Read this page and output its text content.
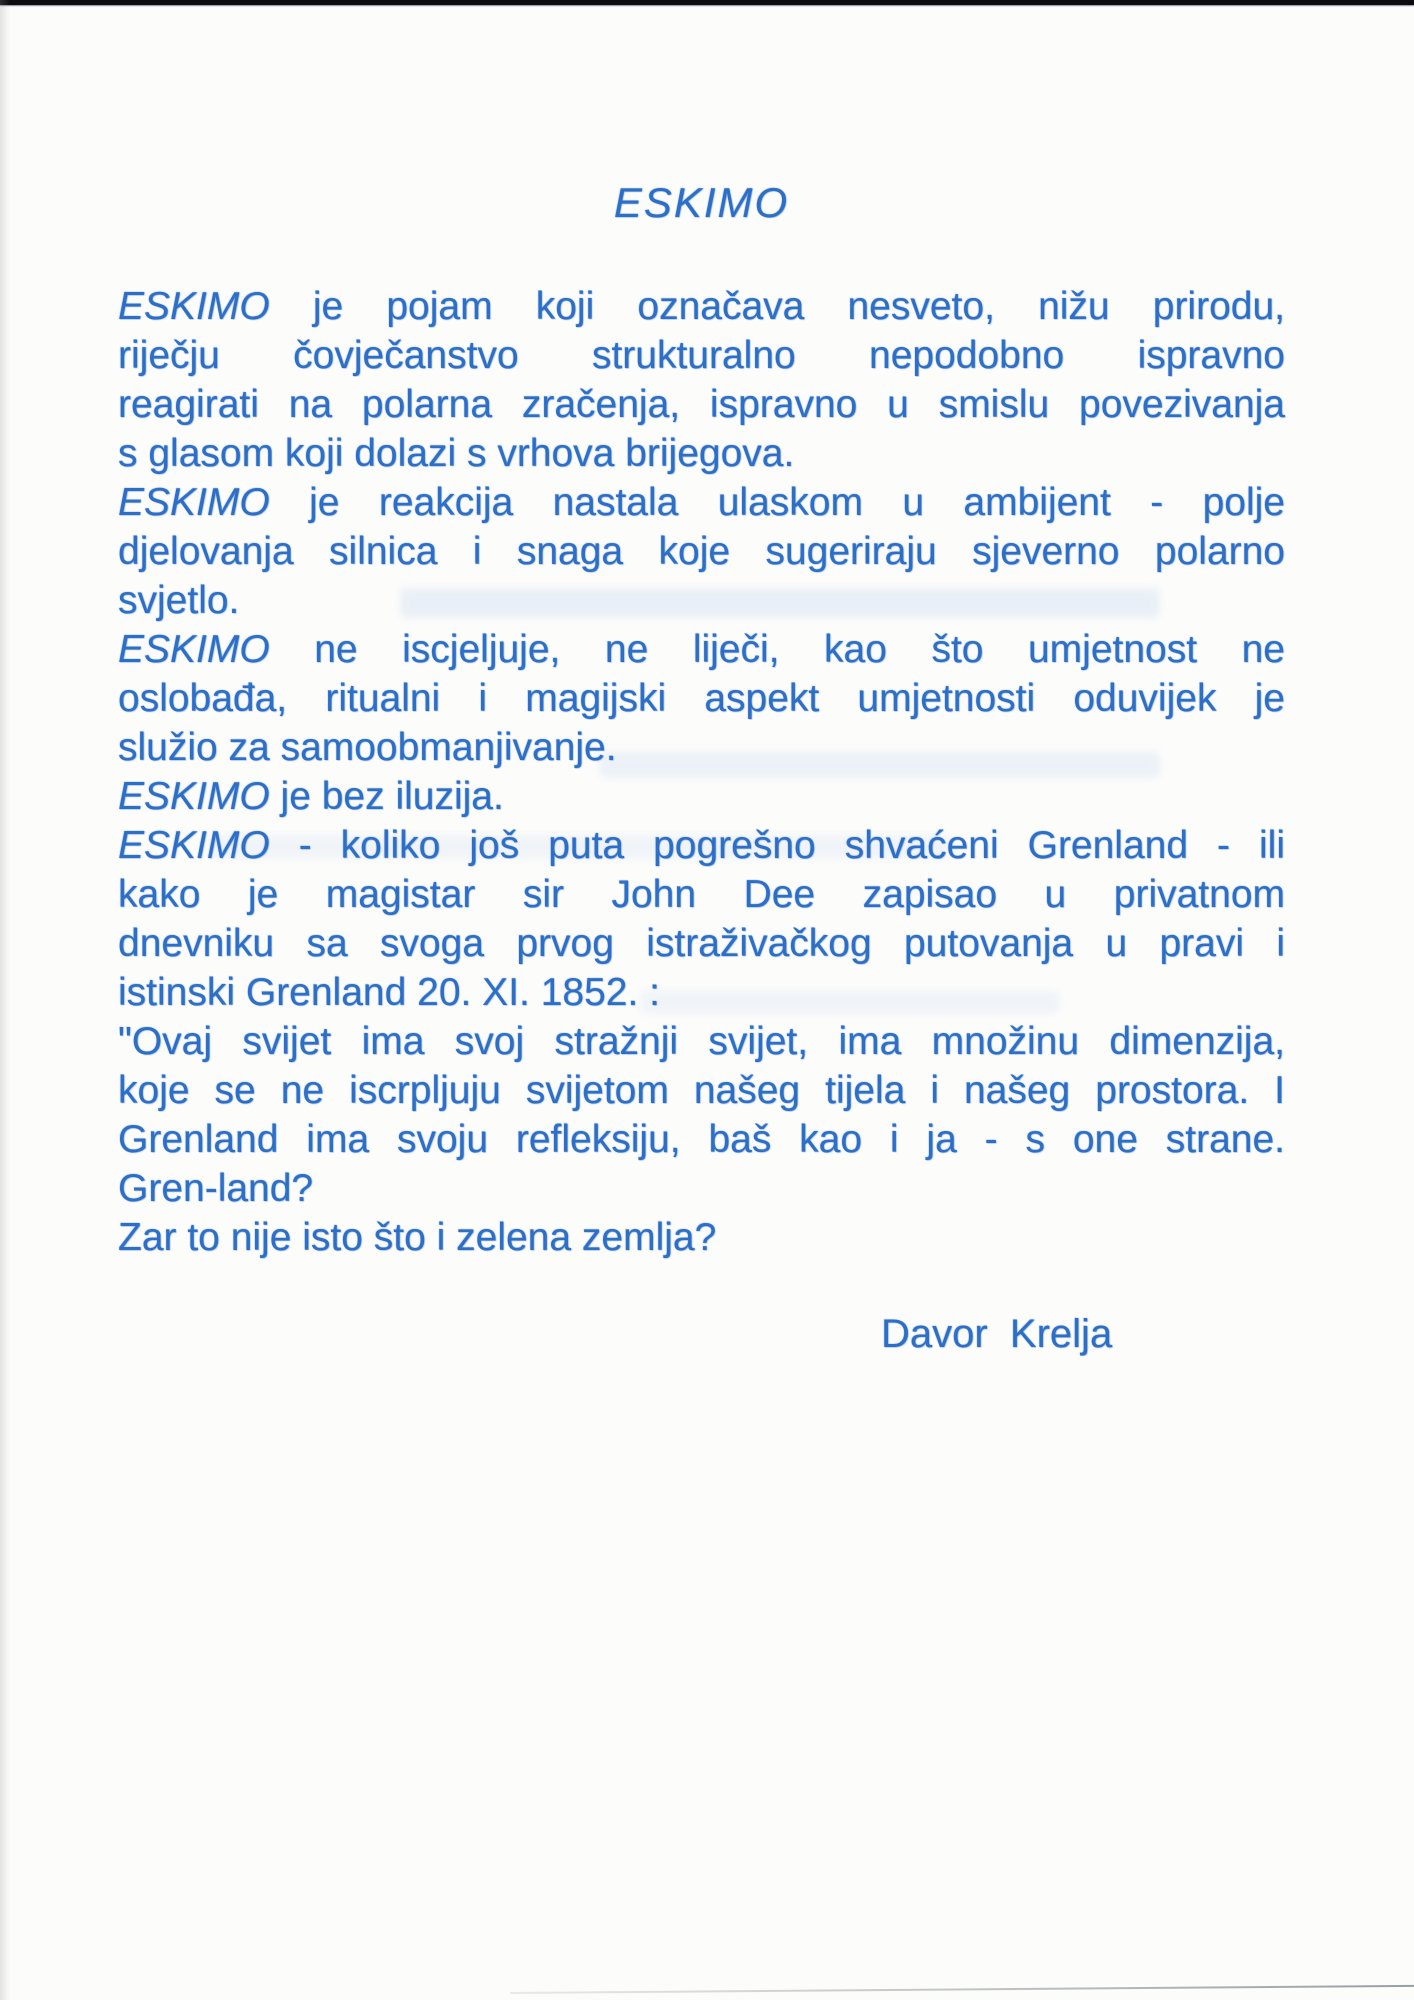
ESKIMO
ESKIMO je pojam koji označava nesveto, nižu prirodu,
riječju čovječanstvo strukturalno nepodobno ispravno
reagirati na polarna zračenja, ispravno u smislu povezivanja
s glasom koji dolazi s vrhova brijegova.
ESKIMO je reakcija nastala ulaskom u ambijent - polje
djelovanja silnica i snaga koje sugeriraju sjeverno polarno
svjetlo.
ESKIMO ne iscjeljuje, ne liječi, kao što umjetnost ne
oslobađa, ritualni i magijski aspekt umjetnosti oduvijek je
služio za samoobmanjivanje.
ESKIMO je bez iluzija.
ESKIMO - koliko još puta pogrešno shvaćeni Grenland - ili
kako je magistar sir John Dee zapisao u privatnom
dnevniku sa svoga prvog istraživačkog putovanja u pravi i
istinski Grenland 20. XI. 1852. :
"Ovaj svijet ima svoj stražnji svijet, ima množinu dimenzija,
koje se ne iscrpljuju svijetom našeg tijela i našeg prostora. I
Grenland ima svoju refleksiju, baš kao i ja - s one strane.
Gren-land?
Zar to nije isto što i zelena zemlja?
Davor  Krelja
